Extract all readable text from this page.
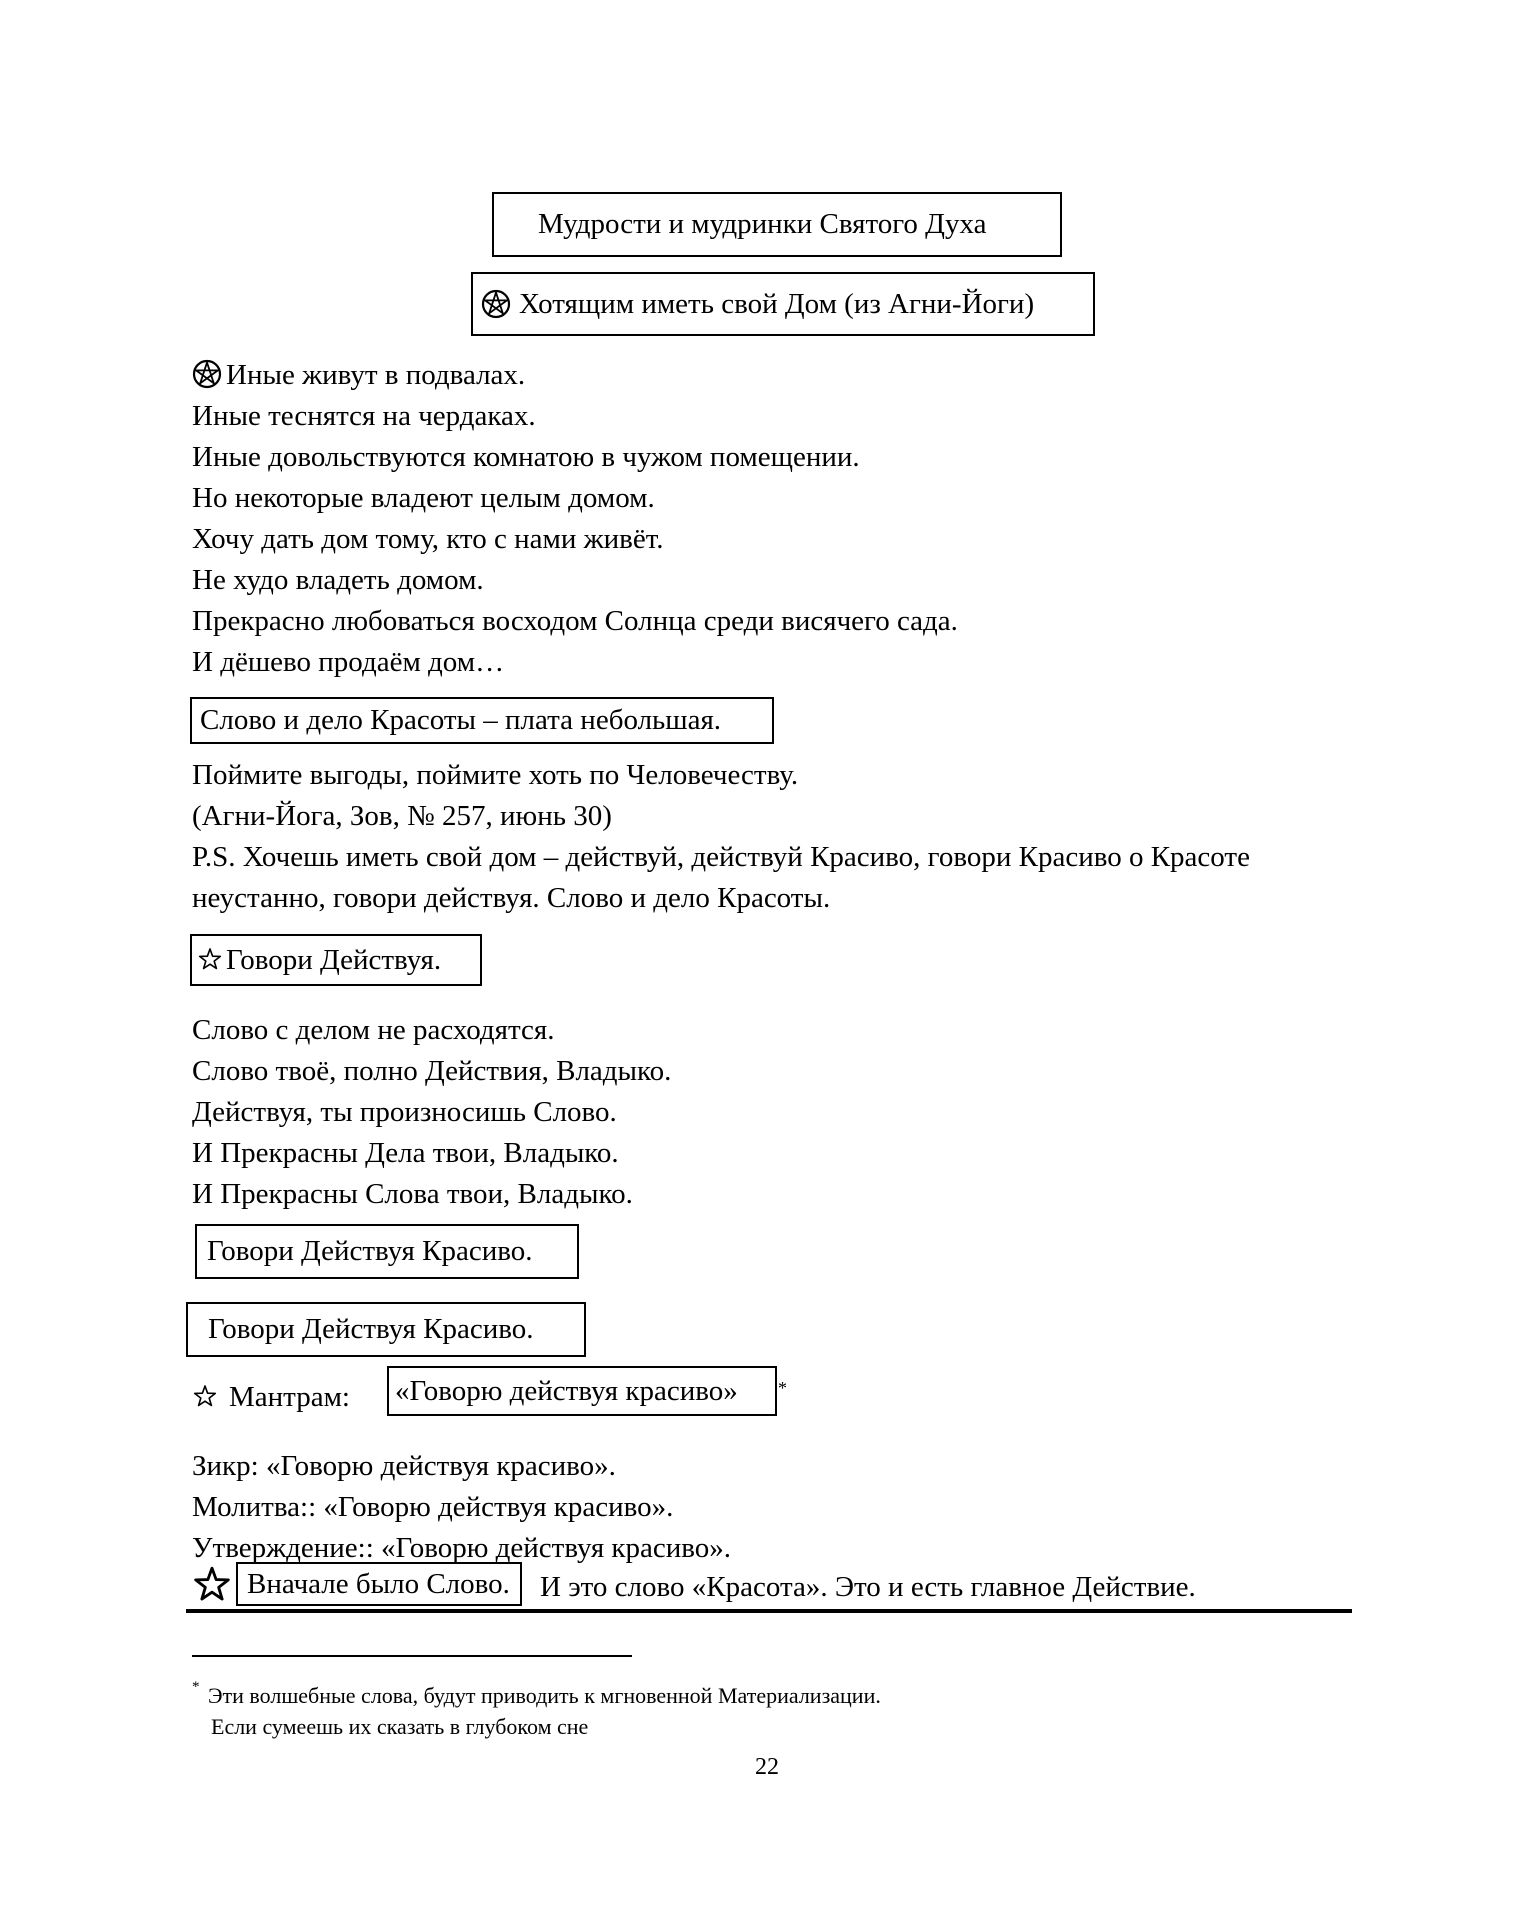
Мудрости и мудринки Святого Духа
Хотящим иметь свой Дом (из Агни-Йоги)
Иные живут в подвалах.
Иные теснятся на чердаках.
Иные довольствуются комнатою в чужом помещении.
Но некоторые владеют целым домом.
Хочу дать дом тому, кто с нами живёт.
Не худо владеть домом.
Прекрасно любоваться восходом Солнца среди висячего сада.
И дёшево продаём дом…
Слово и дело Красоты – плата небольшая.
Поймите выгоды, поймите хоть по Человечеству.
(Агни-Йога, Зов, № 257, июнь 30)
P.S. Хочешь иметь свой дом – действуй, действуй Красиво, говори Красиво о Красоте
неустанно, говори действуя. Слово и дело Красоты.
Говори Действуя.
Слово с делом не расходятся.
Слово твоё, полно Действия, Владыко.
Действуя, ты произносишь Слово.
И Прекрасны Дела твои, Владыко.
И Прекрасны Слова твои, Владыко.
Говори Действуя Красиво.
Говори Действуя Красиво.
Мантрам: «Говорю действуя красиво»	*
Зикр: «Говорю действуя красиво».
Молитва:: «Говорю действуя красиво».
Утверждение:: «Говорю действуя красиво».
Вначале было Слово.	И это слово «Красота». Это и есть главное Действие.
* Эти волшебные слова, будут приводить к мгновенной Материализации.
Если сумеешь их сказать в глубоком сне
22
